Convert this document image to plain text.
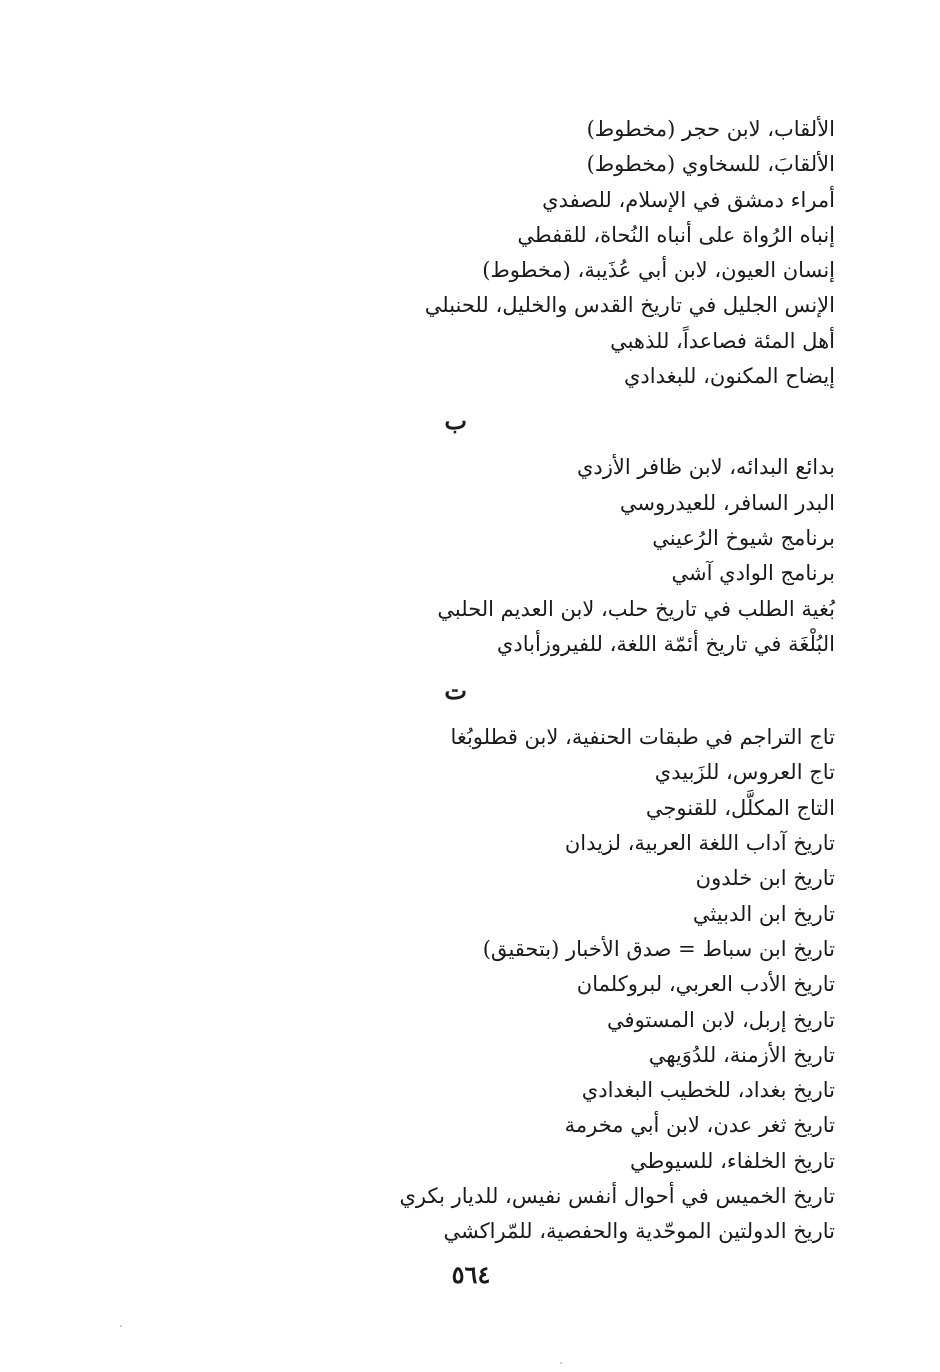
الألقاب، لابن حجر (مخطوط)
الألقابَ، للسخاوي (مخطوط)
أمراء دمشق في الإسلام، للصفدي
إنباه الرُواة على أنباه النُحاة، للقفطي
إنسان العيون، لابن أبي عُذَيبة، (مخطوط)
الإنس الجليل في تاريخ القدس والخليل، للحنبلي
أهل المئة فصاعداً، للذهبي
إيضاح المكنون، للبغدادي
ب
بدائع البدائه، لابن ظافر الأزدي
البدر السافر، للعيدروسي
برنامج شيوخ الرُعيني
برنامج الوادي آشي
بُغية الطلب في تاريخ حلب، لابن العديم الحلبي
البُلْغَة في تاريخ أئمّة اللغة، للفيروزأبادي
ت
تاج التراجم في طبقات الحنفية، لابن قطلوبُغا
تاج العروس، للزَبيدي
التاج المكلَّل، للقنوجي
تاريخ آداب اللغة العربية، لزيدان
تاريخ ابن خلدون
تاريخ ابن الدبيثي
تاريخ ابن سباط = صدق الأخبار (بتحقيق)
تاريخ الأدب العربي، لبروكلمان
تاريخ إربل، لابن المستوفي
تاريخ الأزمنة، للدُوَيهي
تاريخ بغداد، للخطيب البغدادي
تاريخ ثغر عدن، لابن أبي مخرمة
تاريخ الخلفاء، للسيوطي
تاريخ الخميس في أحوال أنفس نفيس، للديار بكري
تاريخ الدولتين الموحّدية والحفصية، للمّراكشي
٥٦٤
